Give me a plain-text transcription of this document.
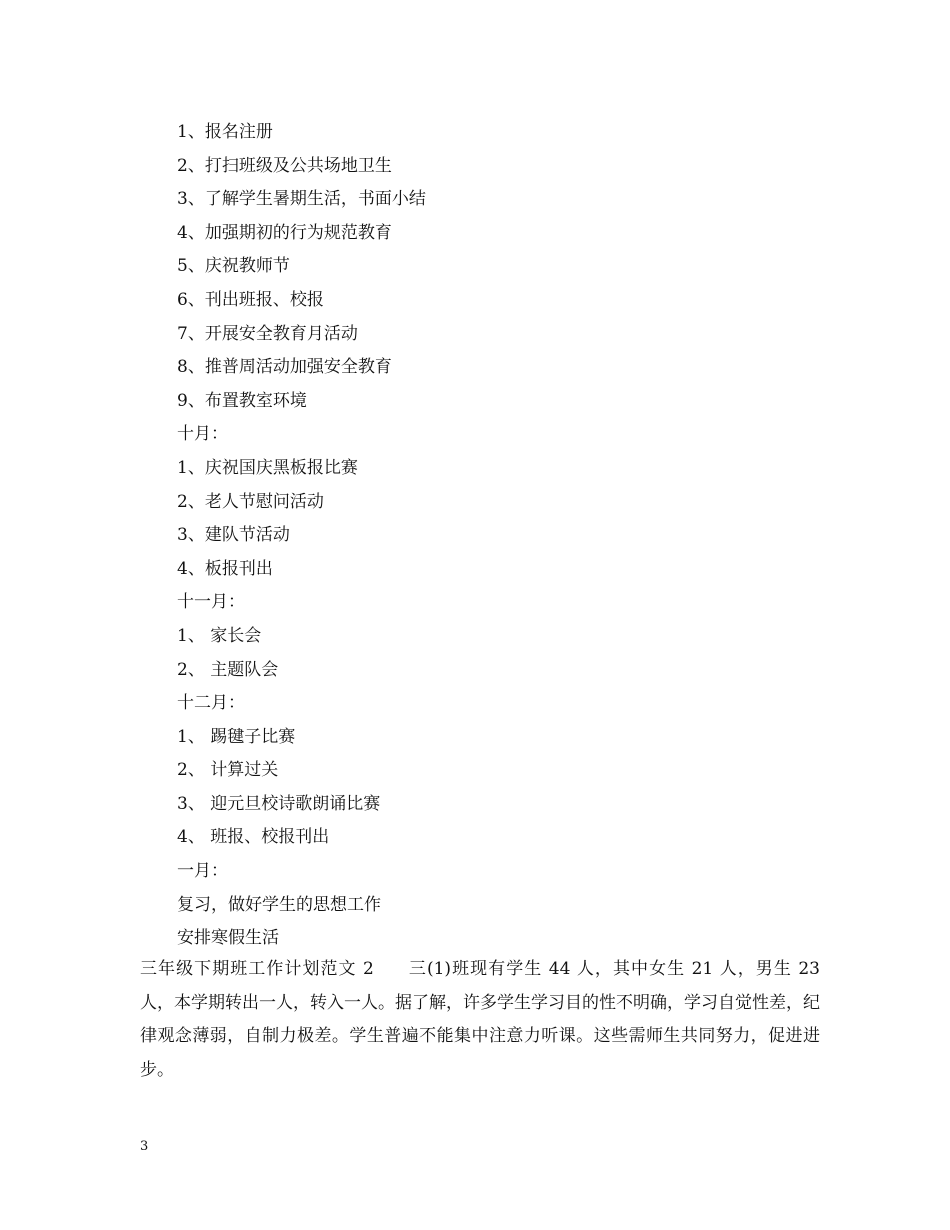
1、报名注册
2、打扫班级及公共场地卫生
3、了解学生暑期生活，书面小结
4、加强期初的行为规范教育
5、庆祝教师节
6、刊出班报、校报
7、开展安全教育月活动
8、推普周活动加强安全教育
9、布置教室环境
十月：
1、庆祝国庆黑板报比赛
2、老人节慰问活动
3、建队节活动
4、板报刊出
十一月：
1、 家长会
2、 主题队会
十二月：
1、 踢毽子比赛
2、 计算过关
3、 迎元旦校诗歌朗诵比赛
4、 班报、校报刊出
一月：
复习，做好学生的思想工作
安排寒假生活
三年级下期班工作计划范文 2 三(1)班现有学生 44 人，其中女生 21 人，男生 23 人，本学期转出一人，转入一人。据了解，许多学生学习目的性不明确，学习自觉性差，纪律观念薄弱，自制力极差。学生普遍不能集中注意力听课。这些需师生共同努力，促进进步。
3
